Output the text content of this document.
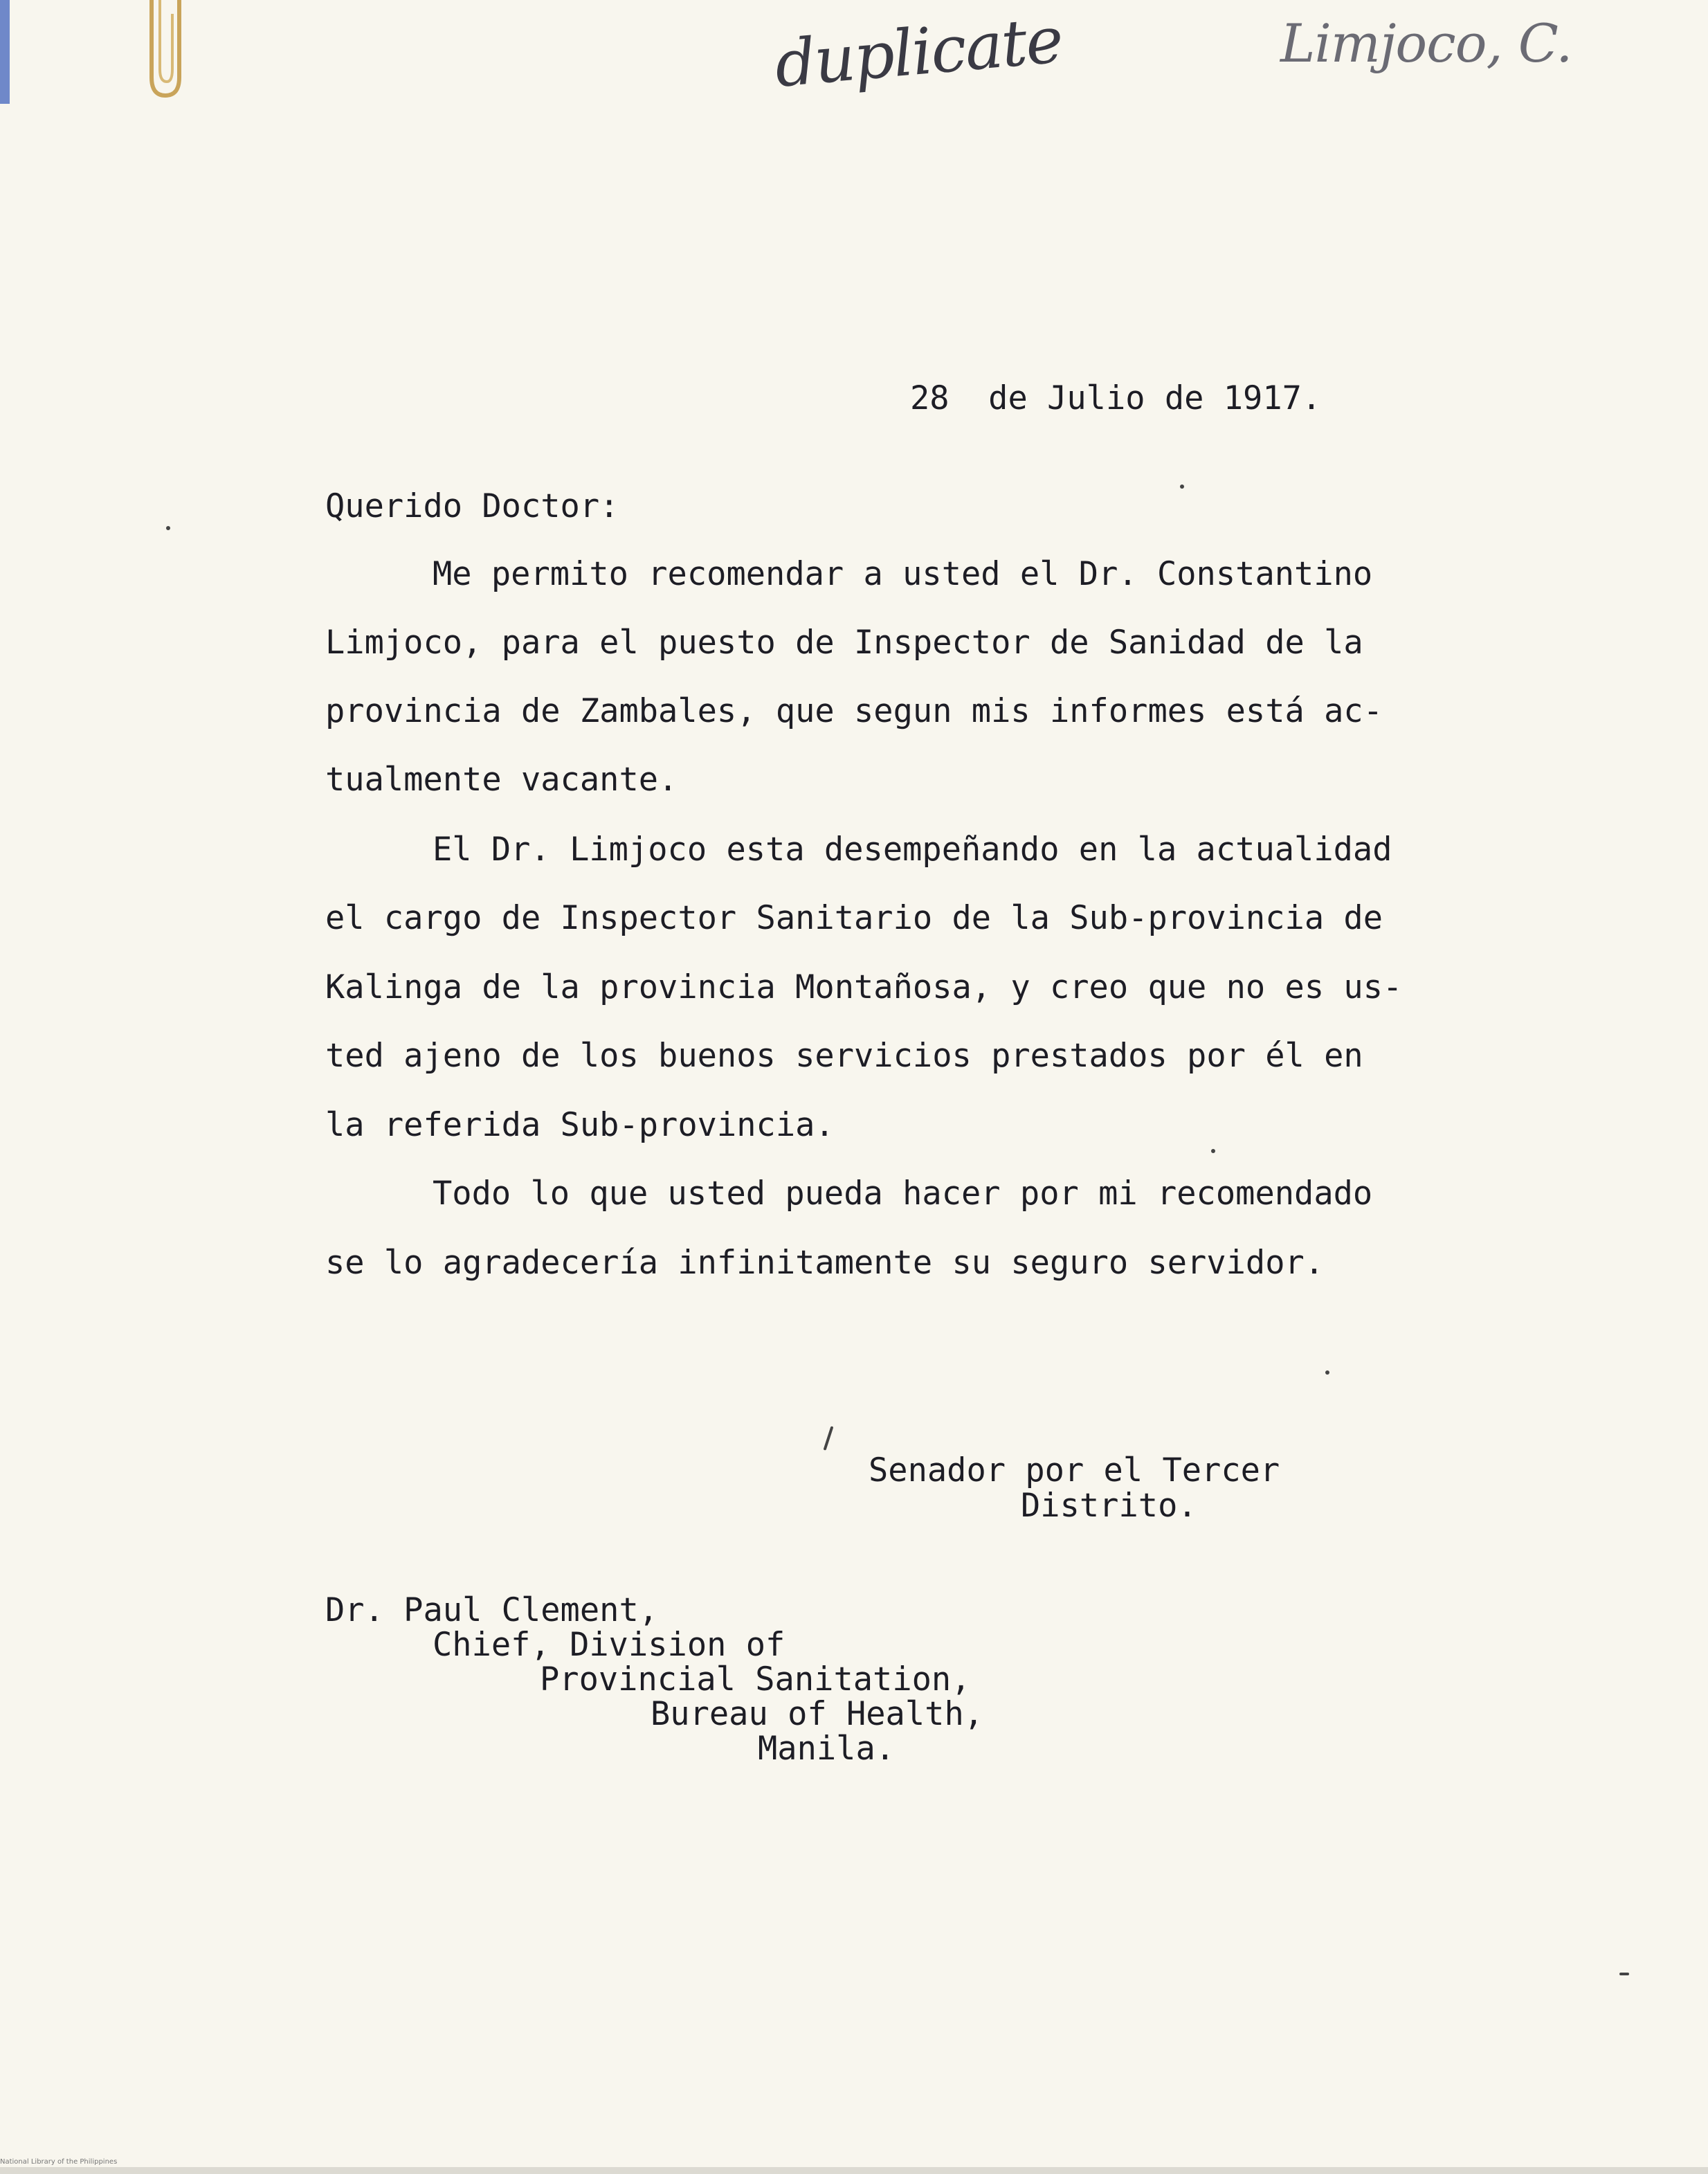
duplicate	Limjoco, C.
28  de Julio de 1917.
Querido Doctor:
Me permito recomendar a usted el Dr. Constantino
Limjoco, para el puesto de Inspector de Sanidad de la
provincia de Zambales, que segun mis informes está ac-
tualmente vacante.
El Dr. Limjoco esta desempeñando en la actualidad
el cargo de Inspector Sanitario de la Sub-provincia de
Kalinga de la provincia Montañosa, y creo que no es us-
ted ajeno de los buenos servicios prestados por él en
la referida Sub-provincia.
Todo lo que usted pueda hacer por mi recomendado
se lo agradecería infinitamente su seguro servidor.
Senador por el Tercer
Distrito.
Dr. Paul Clement,
Chief, Division of
Provincial Sanitation,
Bureau of Health,
Manila.
National Library of the Philippines
